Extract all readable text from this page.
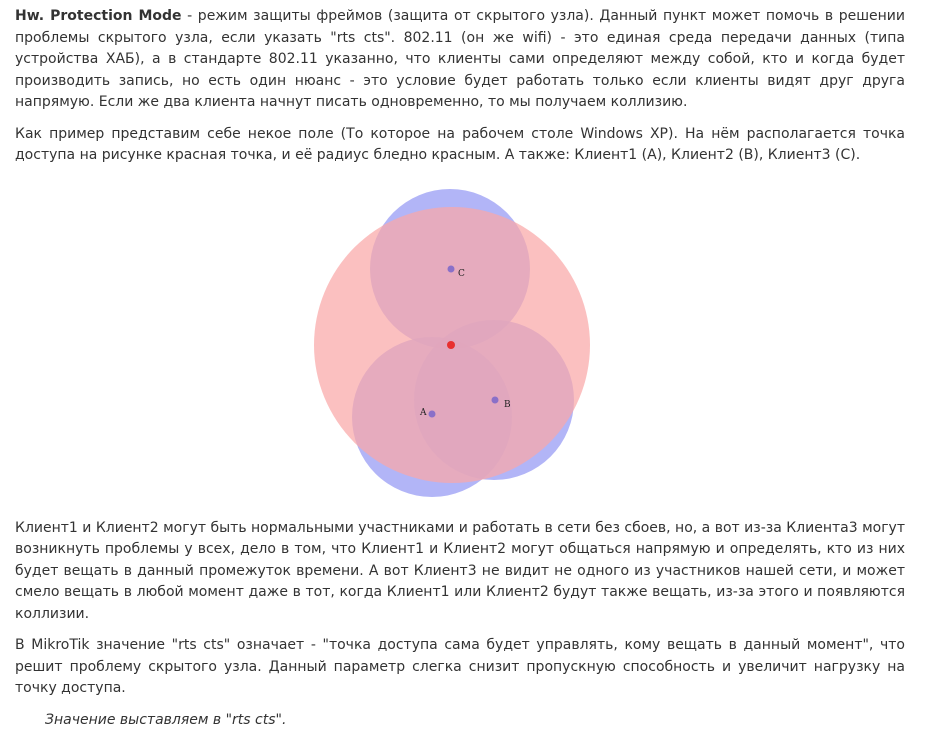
Hw. Protection Mode - режим защиты фреймов (защита от скрытого узла). Данный пункт может помочь в решении проблемы скрытого узла, если указать "rts cts". 802.11 (он же wifi) - это единая среда передачи данных (типа устройства ХАБ), а в стандарте 802.11 указанно, что клиенты сами определяют между собой, кто и когда будет производить запись, но есть один нюанс - это условие будет работать только если клиенты видят друг друга напрямую. Если же два клиента начнут писать одновременно, то мы получаем коллизию.

Как пример представим себе некое поле (То которое на рабочем столе Windows XP). На нём располагается точка доступа на рисунке красная точка, и её радиус бледно красным. А также: Клиент1 (A), Клиент2 (B), Клиент3 (C).

C
A
B

Клиент1 и Клиент2 могут быть нормальными участниками и работать в сети без сбоев, но, а вот из-за Клиента3 могут возникнуть проблемы у всех, дело в том, что Клиент1 и Клиент2 могут общаться напрямую и определять, кто из них будет вещать в данный промежуток времени. А вот Клиент3 не видит не одного из участников нашей сети, и может смело вещать в любой момент даже в тот, когда Клиент1 или Клиент2 будут также вещать, из-за этого и появляются коллизии.

В MikroTik значение "rts cts" означает - "точка доступа сама будет управлять, кому вещать в данный момент", что решит проблему скрытого узла. Данный параметр слегка снизит пропускную способность и увеличит нагрузку на точку доступа.

Значение выставляем в "rts cts".
